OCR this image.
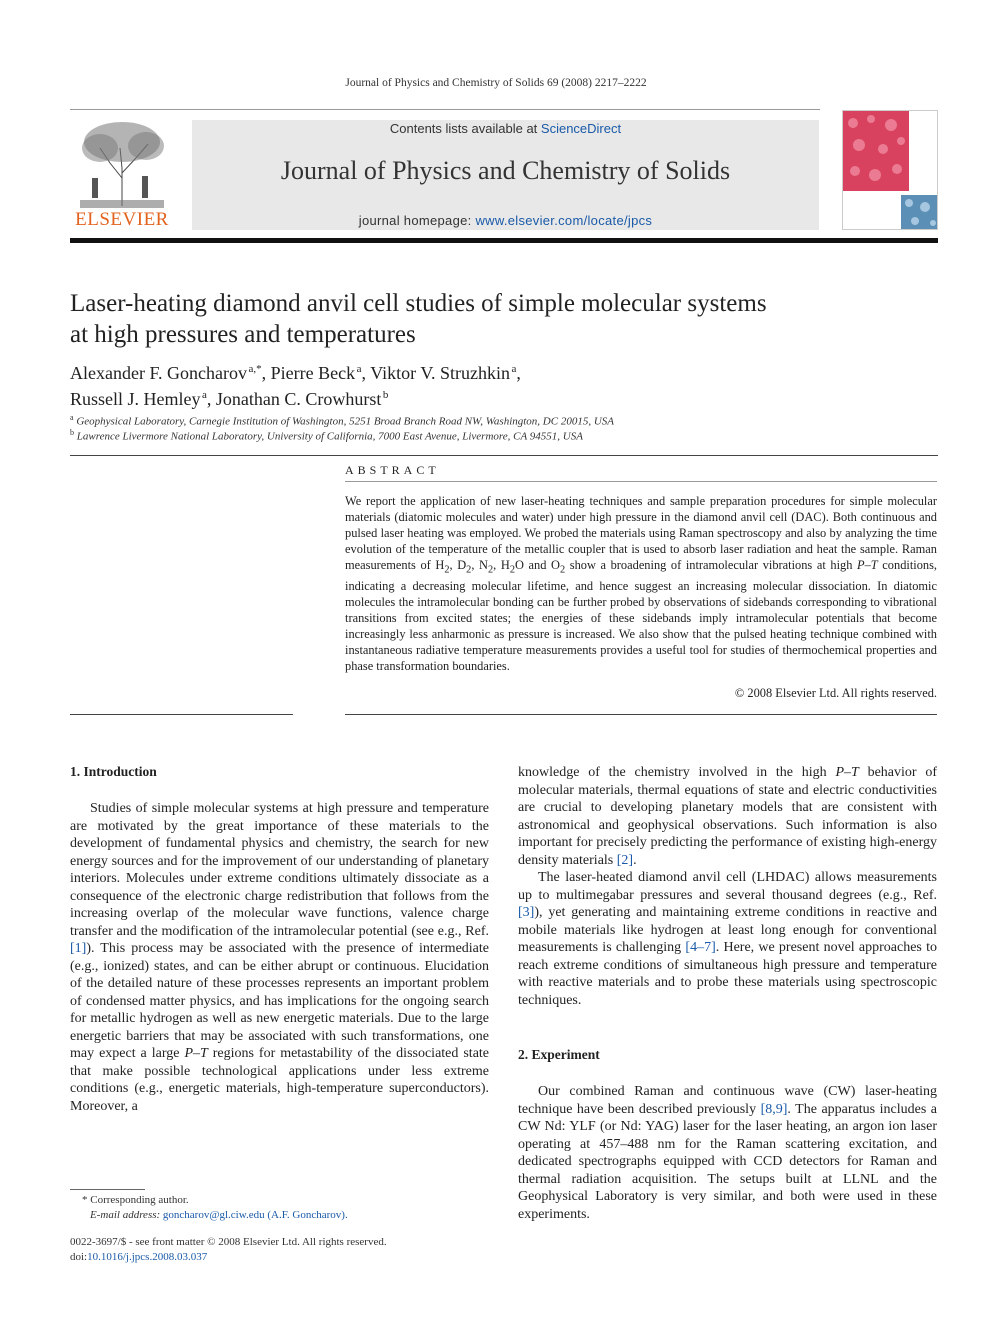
Journal of Physics and Chemistry of Solids 69 (2008) 2217–2222
ELSEVIER
Contents lists available at ScienceDirect
Journal of Physics and Chemistry of Solids
journal homepage: www.elsevier.com/locate/jpcs
Laser-heating diamond anvil cell studies of simple molecular systems
at high pressures and temperatures
Alexander F. Goncharov  $^{a,*}$, Pierre Beck  $^a$, Viktor V. Struzhkin  $^a$,
Russell J. Hemley  $^a$, Jonathan C. Crowhurst  $^b$
$^a$ Geophysical Laboratory, Carnegie Institution of Washington, 5251 Broad Branch Road NW, Washington, DC 20015, USA
$^b$ Lawrence Livermore National Laboratory, University of California, 7000 East Avenue, Livermore, CA 94551, USA
ABSTRACT
We report the application of new laser-heating techniques and sample preparation procedures for simple molecular materials (diatomic molecules and water) under high pressure in the diamond anvil cell (DAC). Both continuous and pulsed laser heating was employed. We probed the materials using Raman spectroscopy and also by analyzing the time evolution of the temperature of the metallic coupler that is used to absorb laser radiation and heat the sample. Raman measurements of $H_2$, $D_2$, $N_2$, $H_2O$ and $O_2$ show a broadening of intramolecular vibrations at high P–T conditions, indicating a decreasing molecular lifetime, and hence suggest an increasing molecular dissociation. In diatomic molecules the intramolecular bonding can be further probed by observations of sidebands corresponding to vibrational transitions from excited states; the energies of these sidebands imply intramolecular potentials that become increasingly less anharmonic as pressure is increased. We also show that the pulsed heating technique combined with instantaneous radiative temperature measurements provides a useful tool for studies of thermochemical properties and phase transformation boundaries.
© 2008 Elsevier Ltd. All rights reserved.
1. Introduction

Studies of simple molecular systems at high pressure and temperature are motivated by the great importance of these materials to the development of fundamental physics and chemistry, the search for new energy sources and for the improvement of our understanding of planetary interiors. Molecules under extreme conditions ultimately dissociate as a consequence of the electronic charge redistribution that follows from the increasing overlap of the molecular wave functions, valence charge transfer and the modification of the intramolecular potential (see e.g., Ref. [1]). This process may be associated with the presence of intermediate (e.g., ionized) states, and can be either abrupt or continuous. Elucidation of the detailed nature of these processes represents an important problem of condensed matter physics, and has implications for the ongoing search for metallic hydrogen as well as new energetic materials. Due to the large energetic barriers that may be associated with such transformations, one may expect a large P–T regions for metastability of the dissociated state that make possible technological applications under less extreme conditions (e.g., energetic materials, high-temperature superconductors). Moreover, a

* Corresponding author.
E-mail address: goncharov@gl.ciw.edu (A.F. Goncharov).
0022-3697/$ - see front matter © 2008 Elsevier Ltd. All rights reserved.
doi:10.1016/j.jpcs.2008.03.037

knowledge of the chemistry involved in the high P–T behavior of molecular materials, thermal equations of state and electric conductivities are crucial to developing planetary models that are consistent with astronomical and geophysical observations. Such information is also important for precisely predicting the performance of existing high-energy density materials [2].

The laser-heated diamond anvil cell (LHDAC) allows measurements up to multimegabar pressures and several thousand degrees (e.g., Ref. [3]), yet generating and maintaining extreme conditions in reactive and mobile materials like hydrogen at least long enough for conventional measurements is challenging [4–7]. Here, we present novel approaches to reach extreme conditions of simultaneous high pressure and temperature with reactive materials and to probe these materials using spectroscopic techniques.

2. Experiment

Our combined Raman and continuous wave (CW) laser-heating technique have been described previously [8,9]. The apparatus includes a CW Nd: YLF (or Nd: YAG) laser for the laser heating, an argon ion laser operating at 457–488 nm for the Raman scattering excitation, and dedicated spectrographs equipped with CCD detectors for Raman and thermal radiation acquisition. The setups built at LLNL and the Geophysical Laboratory is very similar, and both were used in these experiments.
